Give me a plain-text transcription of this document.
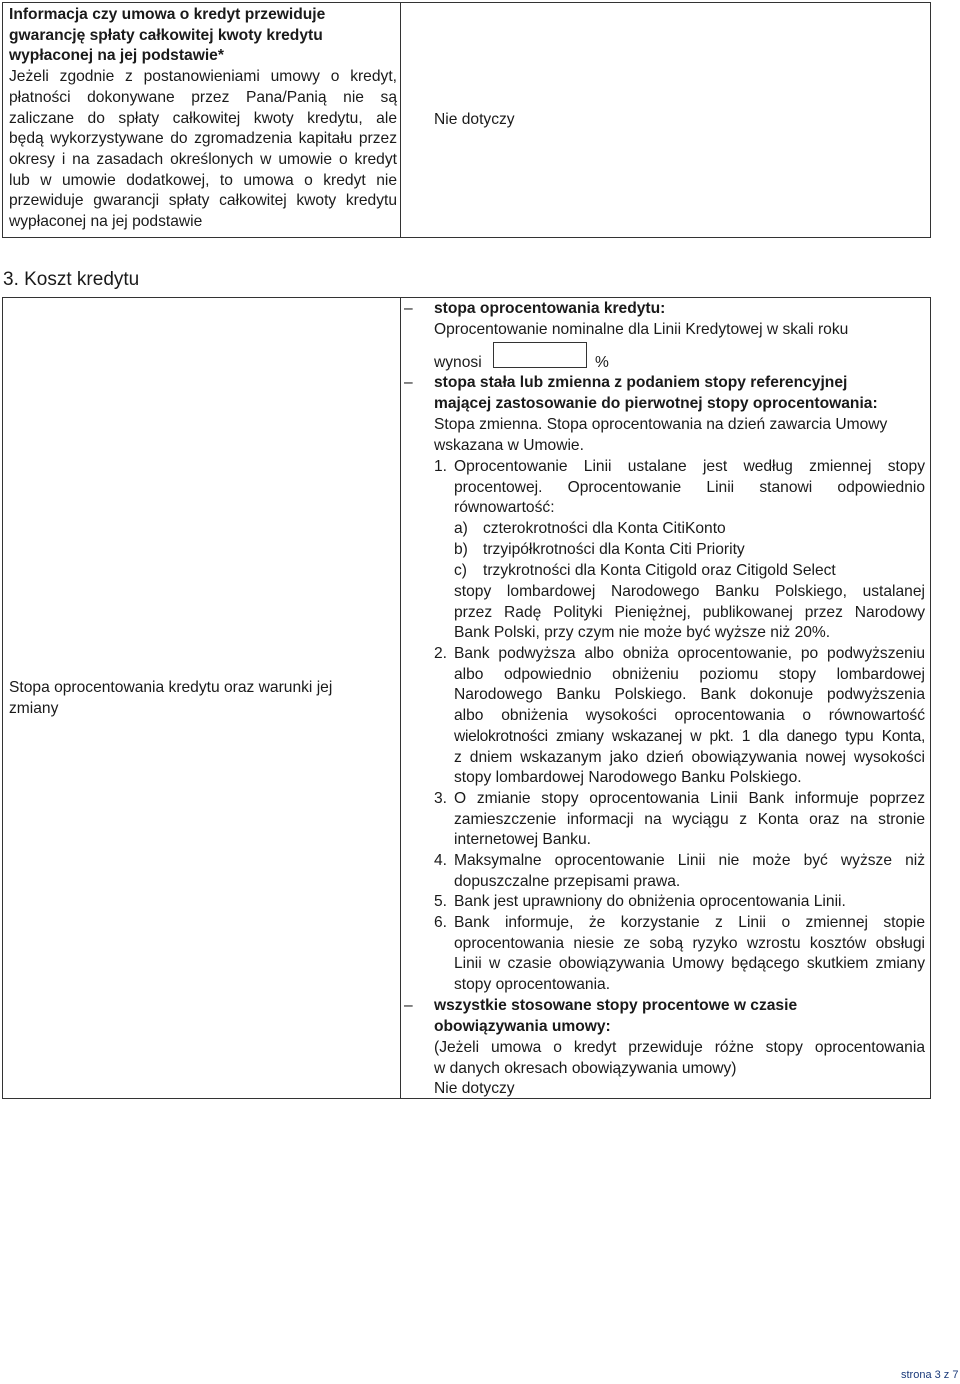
Informacja czy umowa o kredyt przewiduje
gwarancję spłaty całkowitej kwoty kredytu
wypłaconej na jej podstawie*
Jeżeli zgodnie z postanowieniami umowy o kredyt,
płatności dokonywane przez Pana/Panią nie są
zaliczane do spłaty całkowitej kwoty kredytu, ale
będą wykorzystywane do zgromadzenia kapitału przez
okresy i na zasadach określonych w umowie o kredyt
lub w umowie dodatkowej, to umowa o kredyt nie
przewiduje gwarancji spłaty całkowitej kwoty kredytu
wypłaconej na jej podstawie
Nie dotyczy
3. Koszt kredytu
Stopa oprocentowania kredytu oraz warunki jej
zmiany
– stopa oprocentowania kredytu:
Oprocentowanie nominalne dla Linii Kredytowej w skali roku
wynosi	%
– stopa stała lub zmienna z podaniem stopy referencyjnej
mającej zastosowanie do pierwotnej stopy oprocentowania:
Stopa zmienna. Stopa oprocentowania na dzień zawarcia Umowy
wskazana w Umowie.
1. Oprocentowanie Linii ustalane jest według zmiennej stopy
procentowej. Oprocentowanie Linii stanowi odpowiednio
równowartość:
a) czterokrotności dla Konta CitiKonto
b) trzyipółkrotności dla Konta Citi Priority
c) trzykrotności dla Konta Citigold oraz Citigold Select
stopy lombardowej Narodowego Banku Polskiego, ustalanej
przez Radę Polityki Pieniężnej, publikowanej przez Narodowy
Bank Polski, przy czym nie może być wyższe niż 20%.
2. Bank podwyższa albo obniża oprocentowanie, po podwyższeniu
albo odpowiednio obniżeniu poziomu stopy lombardowej
Narodowego Banku Polskiego. Bank dokonuje podwyższenia
albo obniżenia wysokości oprocentowania o równowartość
wielokrotności zmiany wskazanej w pkt. 1 dla danego typu Konta,
z dniem wskazanym jako dzień obowiązywania nowej wysokości
stopy lombardowej Narodowego Banku Polskiego.
3. O zmianie stopy oprocentowania Linii Bank informuje poprzez
zamieszczenie informacji na wyciągu z Konta oraz na stronie
internetowej Banku.
4. Maksymalne oprocentowanie Linii nie może być wyższe niż
dopuszczalne przepisami prawa.
5. Bank jest uprawniony do obniżenia oprocentowania Linii.
6. Bank informuje, że korzystanie z Linii o zmiennej stopie
oprocentowania niesie ze sobą ryzyko wzrostu kosztów obsługi
Linii w czasie obowiązywania Umowy będącego skutkiem zmiany
stopy oprocentowania.
– wszystkie stosowane stopy procentowe w czasie
obowiązywania umowy:
(Jeżeli umowa o kredyt przewiduje różne stopy oprocentowania
w danych okresach obowiązywania umowy)
Nie dotyczy
strona 3 z 7
